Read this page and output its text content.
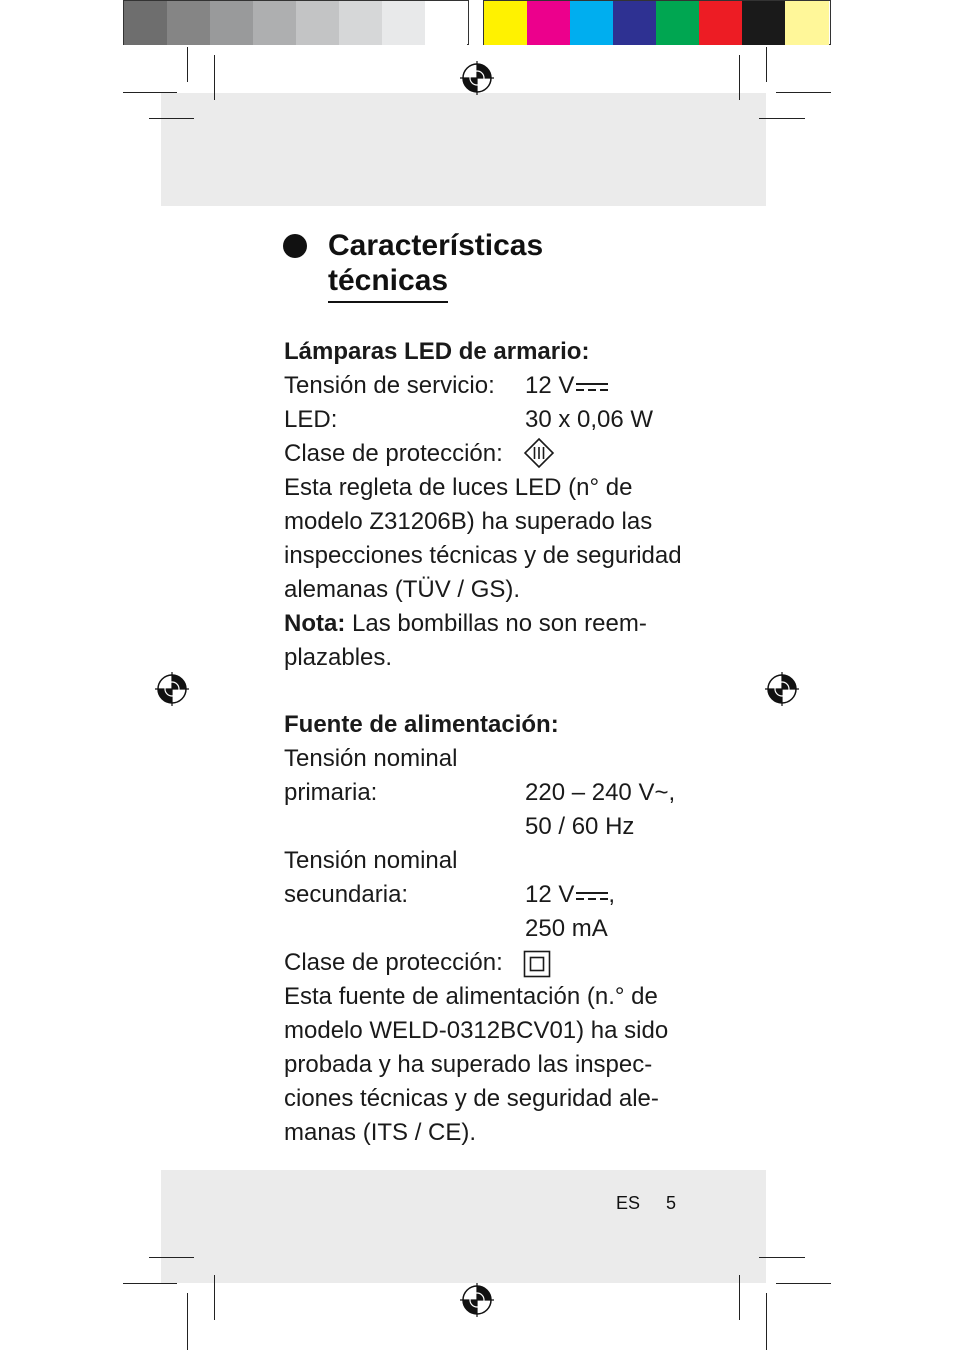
Características
técnicas
Lámparas LED de armario:
Tensión de servicio: 12 V
LED:	30 x 0,06 W
Clase de protección:
Esta regleta de luces LED (n° de
modelo Z31206B) ha superado las
inspecciones técnicas y de seguridad
alemanas (TÜV / GS).
Nota: Las bombillas no son reem-
plazables.
Fuente de alimentación:
Tensión nominal
primaria:	220 – 240 V~,
50 / 60 Hz
Tensión nominal
secundaria:	12 V ,
250 mA
Clase de protección:
Esta fuente de alimentación (n.° de
modelo WELD-0312BCV01) ha sido
probada y ha superado las inspec-
ciones técnicas y de seguridad ale-
manas (ITS / CE).
ES 5
